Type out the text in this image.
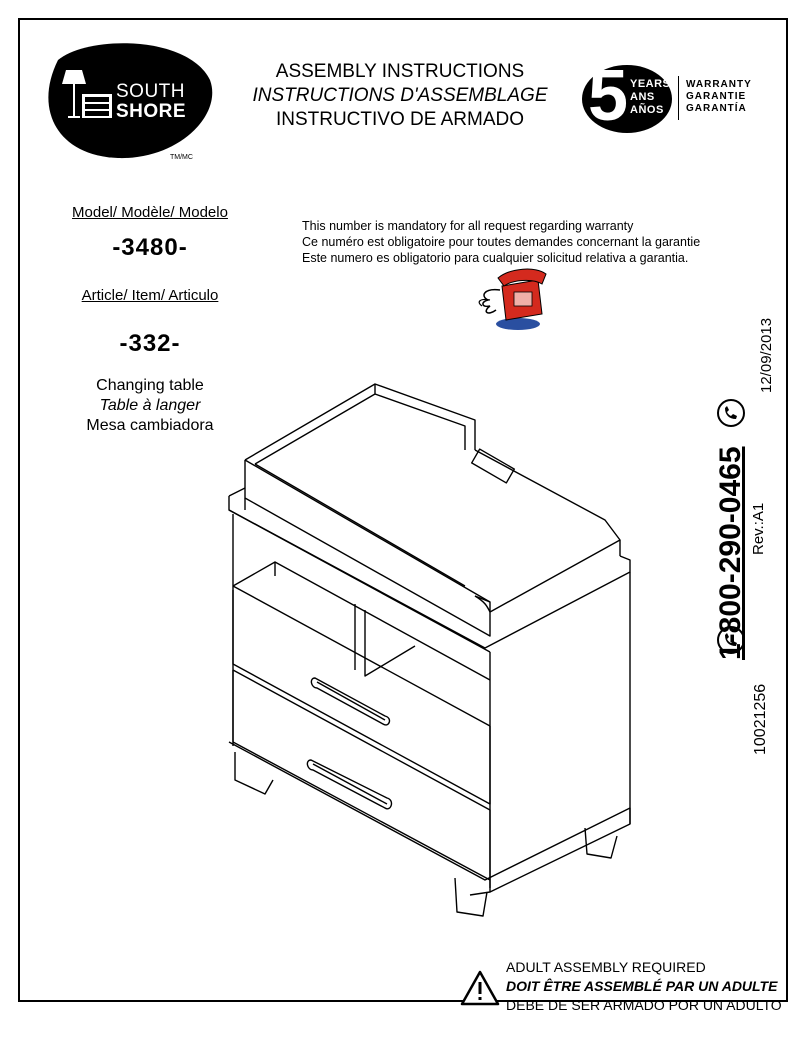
SOUTH
SHORE
TM/MC
ASSEMBLY INSTRUCTIONS
INSTRUCTIONS D'ASSEMBLAGE
INSTRUCTIVO DE ARMADO 5 YEARS
ANS
AÑOS
WARRANTY
GARANTIE
GARANTÍA
Model/ Modèle/ Modelo
-3480-
Article/ Item/ Articulo
-332-
Changing table
Table à langer
Mesa cambiadora
This number is mandatory for all request regarding warranty
Ce numéro est obligatoire pour toutes demandes concernant la garantie
Este numero es obligatorio para cualquier solicitud relativa a garantia.
12/09/2013
1-800-290-0465 Rev.:A1
10021256
ADULT ASSEMBLY REQUIRED
DOIT ÊTRE ASSEMBLÉ PAR UN ADULTE
DEBE DE SER ARMADO POR UN ADULTO
